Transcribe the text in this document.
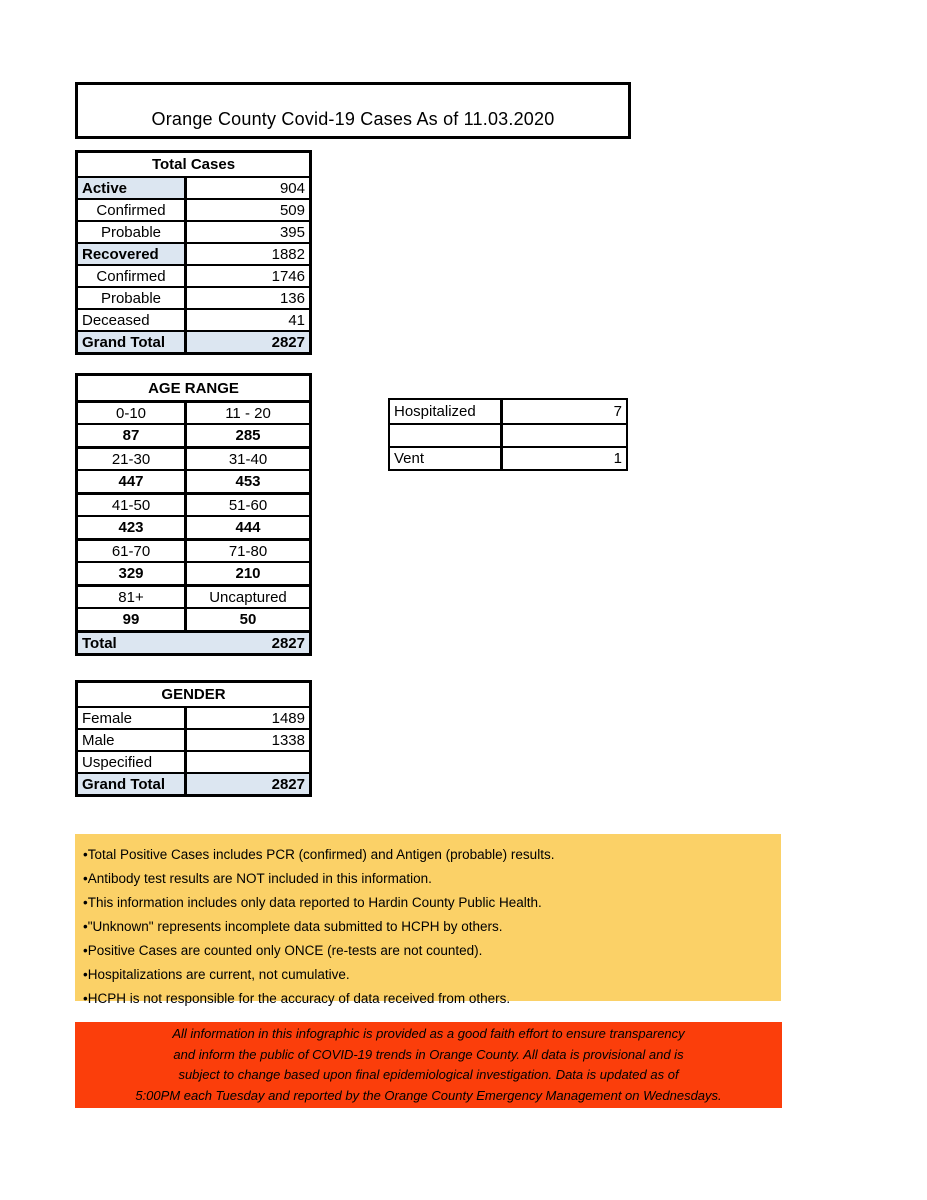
Orange County Covid-19 Cases As of 11.03.2020
Total Cases
Active	904
Confirmed	509
Probable	395
Recovered	1882
Confirmed	1746
Probable	136
Deceased	41
Grand Total	2827
AGE RANGE
0-10	11 - 20
87	285
21-30	31-40
447	453
41-50	51-60
423	444
61-70	71-80
329	210
81+	Uncaptured
99	50
Total	2827
Hospitalized	7
Vent	1
GENDER
Female	1489
Male	1338
Uspecified
Grand Total	2827
•Total Positive Cases includes PCR (confirmed) and Antigen (probable) results.
•Antibody test results are NOT included in this information.
•This information includes only data reported to Hardin County Public Health.
•"Unknown" represents incomplete data submitted to HCPH by others.
•Positive Cases are counted only ONCE (re-tests are not counted).
•Hospitalizations are current, not cumulative.
•HCPH is not responsible for the accuracy of data received from others.
All information in this infographic is provided as a good faith effort to ensure transparency
and inform the public of COVID-19 trends in Orange County. All data is provisional and is
subject to change based upon final epidemiological investigation. Data is updated as of
5:00PM each Tuesday and reported by the Orange County Emergency Management on Wednesdays.
